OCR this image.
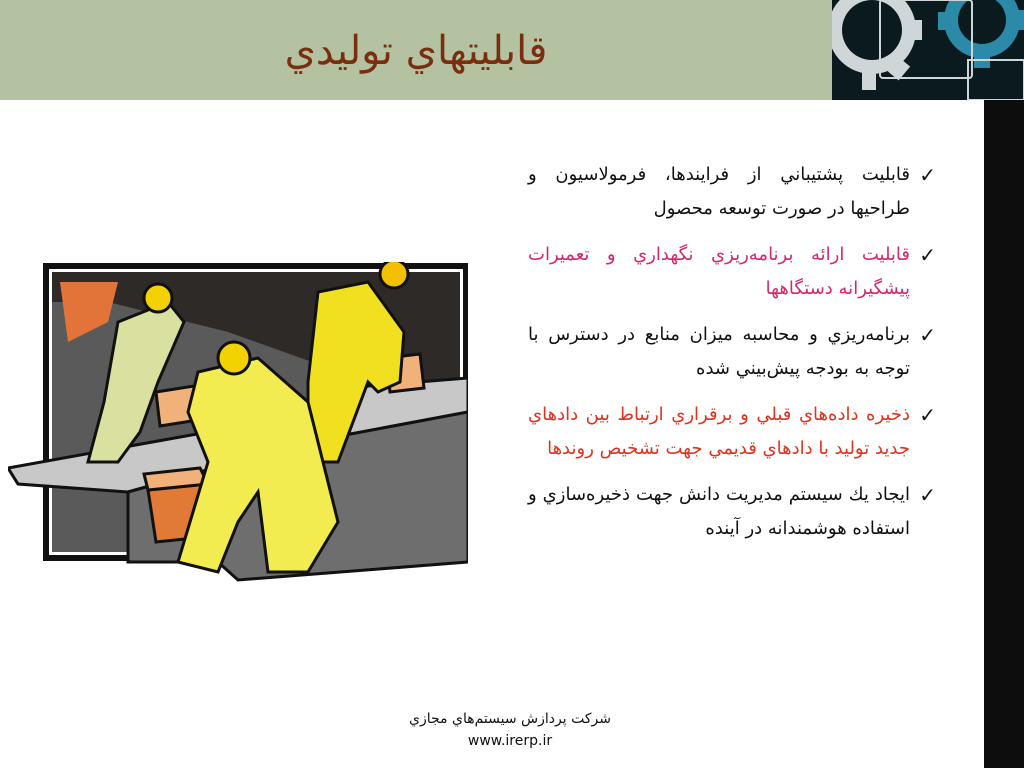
قابليتهاي توليدي
✓
قابليت پشتيباني از فرايندها، فرمولاسيون و طراحيها در صورت توسعه محصول
✓
قابليت ارائه برنامه‌ريزي نگهداري و تعميرات پيشگيرانه دستگاهها
✓
برنامه‌ريزي و محاسبه ميزان منابع در دسترس با توجه به بودجه پيش‌بيني شده
✓
ذخيره داده‌هاي قبلي و برقراري ارتباط بين دادهاي جديد توليد با دادهاي قديمي جهت تشخيص روندها
✓
ايجاد يك سيستم مديريت دانش جهت ذخيره‌سازي و استفاده هوشمندانه در آينده
شركت پردازش سيستم‌هاي مجازي
www.irerp.ir
